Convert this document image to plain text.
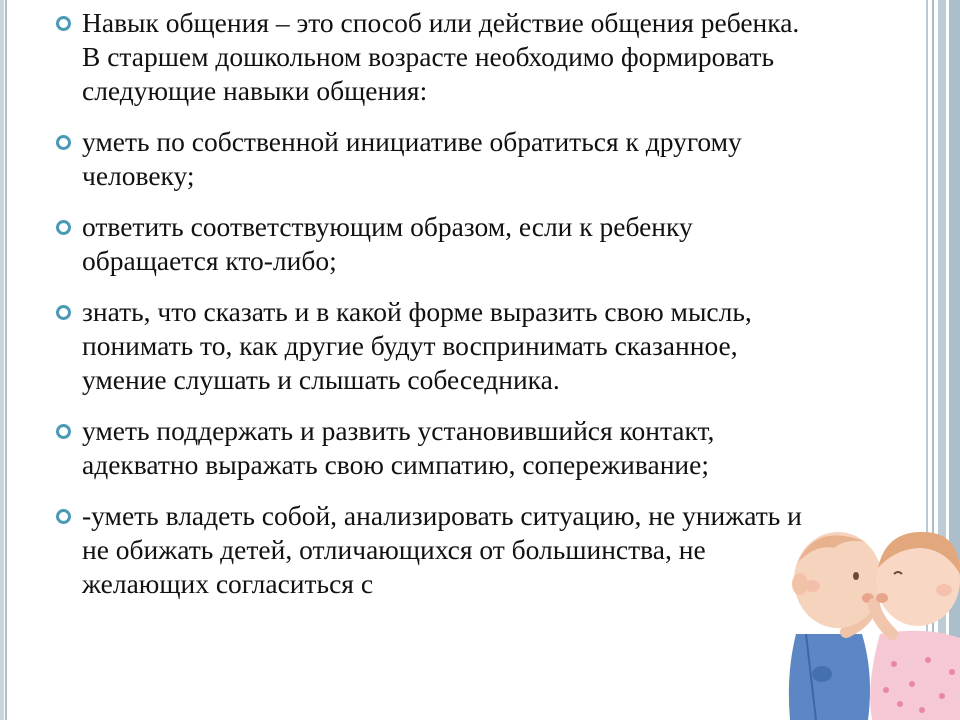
Навык общения – это способ или действие общения ребенка. В старшем дошкольном возрасте необходимо формировать следующие навыки общения:
уметь по собственной инициативе обратиться к другому человеку;
ответить соответствующим образом, если к ребенку обращается кто-либо;
знать, что сказать и в какой форме выразить свою мысль, понимать то, как другие будут воспринимать сказанное, умение слушать и слышать собеседника.
уметь поддержать и развить установившийся контакт, адекватно выражать свою симпатию, сопереживание;
-уметь владеть собой, анализировать ситуацию, не унижать и не обижать детей, отличающихся от большинства, не желающих согласиться с
